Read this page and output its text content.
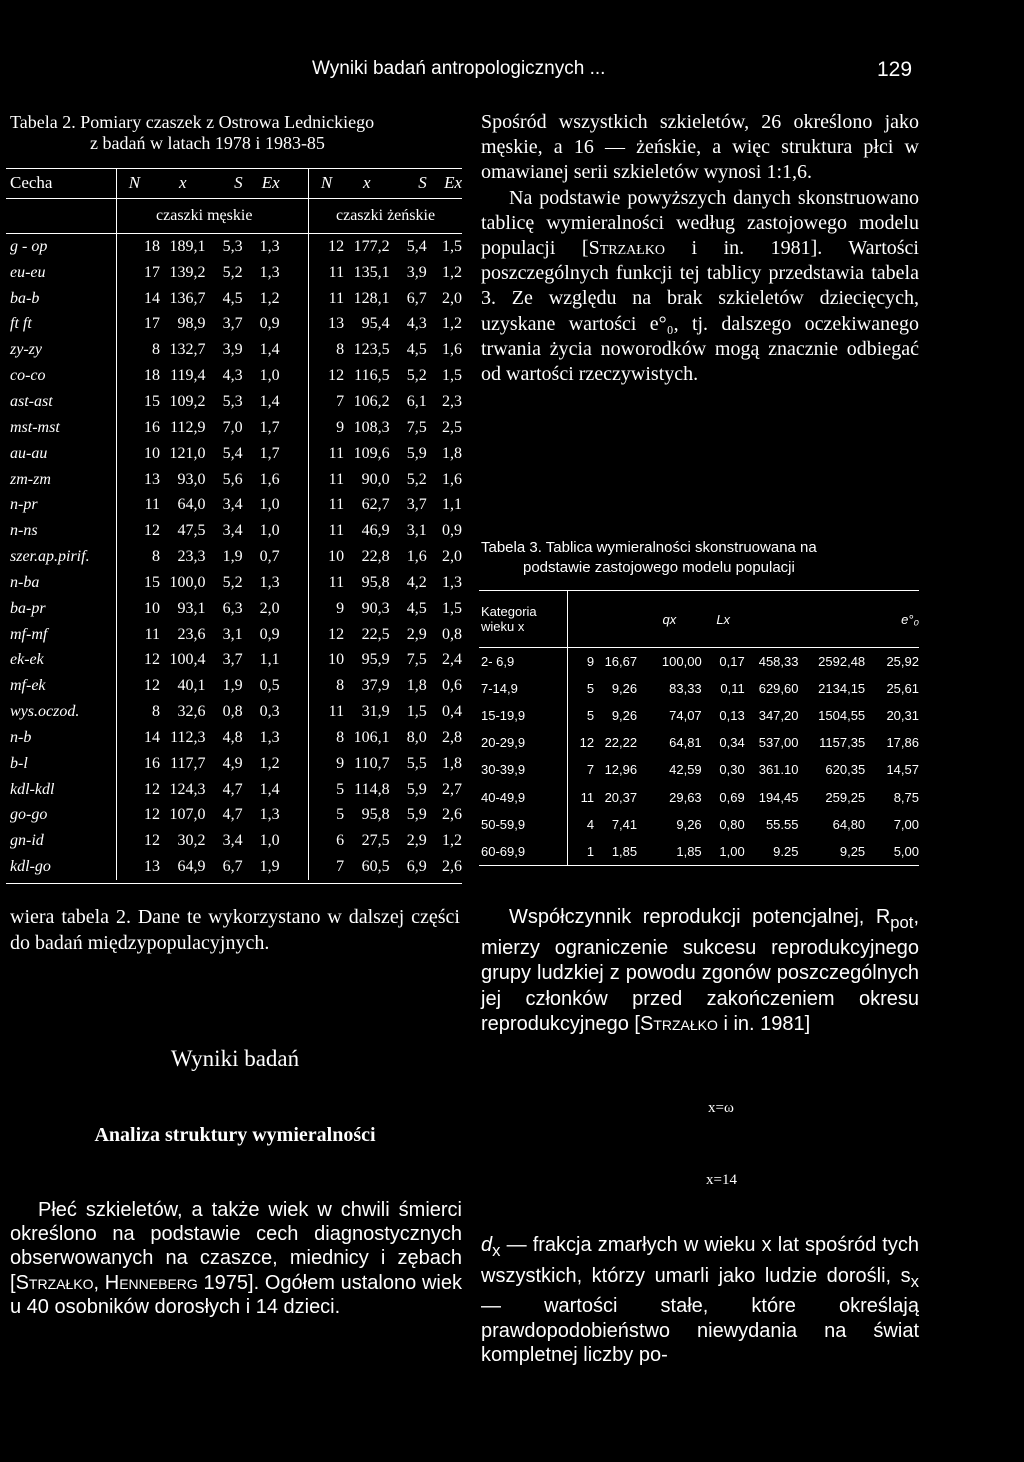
Wyniki badań antropologicznych ...	129
Tabela 2. Pomiary czaszek z Ostrowa Lednickiego
z badań w latach 1978 i 1983-85
Cecha		N	x	S	Ex		N	x	S	Ex
		czaszki męskie					czaszki żeńskie			
g - op		18	189,1	5,3	1,3		12	177,2	5,4	1,5
eu-eu		17	139,2	5,2	1,3		11	135,1	3,9	1,2
ba-b		14	136,7	4,5	1,2		11	128,1	6,7	2,0
ft ft		17	98,9	3,7	0,9		13	95,4	4,3	1,2
zy-zy		8	132,7	3,9	1,4		8	123,5	4,5	1,6
co-co		18	119,4	4,3	1,0		12	116,5	5,2	1,5
ast-ast		15	109,2	5,3	1,4		7	106,2	6,1	2,3
mst-mst		16	112,9	7,0	1,7		9	108,3	7,5	2,5
au-au		10	121,0	5,4	1,7		11	109,6	5,9	1,8
zm-zm		13	93,0	5,6	1,6		11	90,0	5,2	1,6
n-pr		11	64,0	3,4	1,0		11	62,7	3,7	1,1
n-ns		12	47,5	3,4	1,0		11	46,9	3,1	0,9
szer.ap.pirif.		8	23,3	1,9	0,7		10	22,8	1,6	2,0
n-ba		15	100,0	5,2	1,3		11	95,8	4,2	1,3
ba-pr		10	93,1	6,3	2,0		9	90,3	4,5	1,5
mf-mf		11	23,6	3,1	0,9		12	22,5	2,9	0,8
ek-ek		12	100,4	3,7	1,1		10	95,9	7,5	2,4
mf-ek		12	40,1	1,9	0,5		8	37,9	1,8	0,6
wys.oczod.		8	32,6	0,8	0,3		11	31,9	1,5	0,4
n-b		14	112,3	4,8	1,3		8	106,1	8,0	2,8
b-l		16	117,7	4,9	1,2		9	110,7	5,5	1,8
kdl-kdl		12	124,3	4,7	1,4		5	114,8	5,9	2,7
go-go		12	107,0	4,7	1,3		5	95,8	5,9	2,6
gn-id		12	30,2	3,4	1,0		6	27,5	2,9	1,2
kdl-go		13	64,9	6,7	1,9		7	60,5	6,9	2,6

Spośród wszystkich szkieletów, 26 określono jako męskie, a 16 — żeńskie, a więc struktura płci w omawianej serii szkieletów wynosi 1:1,6.

Na podstawie powyższych danych skonstruowano tablicę wymieralności według zastojowego modelu populacji [Strzałko i in. 1981]. Wartości poszczególnych funkcji tej tablicy przedstawia tabela 3. Ze względu na brak szkieletów dziecięcych, uzyskane wartości e°₀, tj. dalszego oczekiwanego trwania życia noworodków mogą znacznie odbiegać od wartości rzeczywistych.

Tabela 3. Tablica wymieralności skonstruowana na
podstawie zastojowego modelu populacji
Kategoria
wieku x			qx	Lx			e°₀
2- 6,9	9	16,67	100,00	0,17	458,33	2592,48	25,92
7-14,9	5	9,26	83,33	0,11	629,60	2134,15	25,61
15-19,9	5	9,26	74,07	0,13	347,20	1504,55	20,31
20-29,9	12	22,22	64,81	0,34	537,00	1157,35	17,86
30-39,9	7	12,96	42,59	0,30	361.10	620,35	14,57
40-49,9	11	20,37	29,63	0,69	194,45	259,25	8,75
50-59,9	4	7,41	9,26	0,80	55.55	64,80	7,00
60-69,9	1	1,85	1,85	1,00	9.25	9,25	5,00

wiera tabela 2. Dane te wykorzystano w dalszej części do badań międzypopulacyjnych.

Wyniki badań
Analiza struktury wymieralności

Płeć szkieletów, a także wiek w chwili śmierci określono na podstawie cech diagnostycznych obserwowanych na czaszce, miednicy i zębach [Strzałko, Henneberg 1975]. Ogółem ustalono wiek u 40 osobników dorosłych i 14 dzieci.

Współczynnik reprodukcji potencjalnej, $R_{pot}$, mierzy ograniczenie sukcesu reprodukcyjnego grupy ludzkiej z powodu zgonów poszczególnych jej członków przed zakończeniem okresu reprodukcyjnego [Strzałko i in. 1981]

x=ω
x=14

$d_x$ — frakcja zmarłych w wieku x lat spośród tych wszystkich, którzy umarli jako ludzie dorośli, $s_x$ — wartości stałe, które określają prawdopodobieństwo niewydania na świat kompletnej liczby po-
